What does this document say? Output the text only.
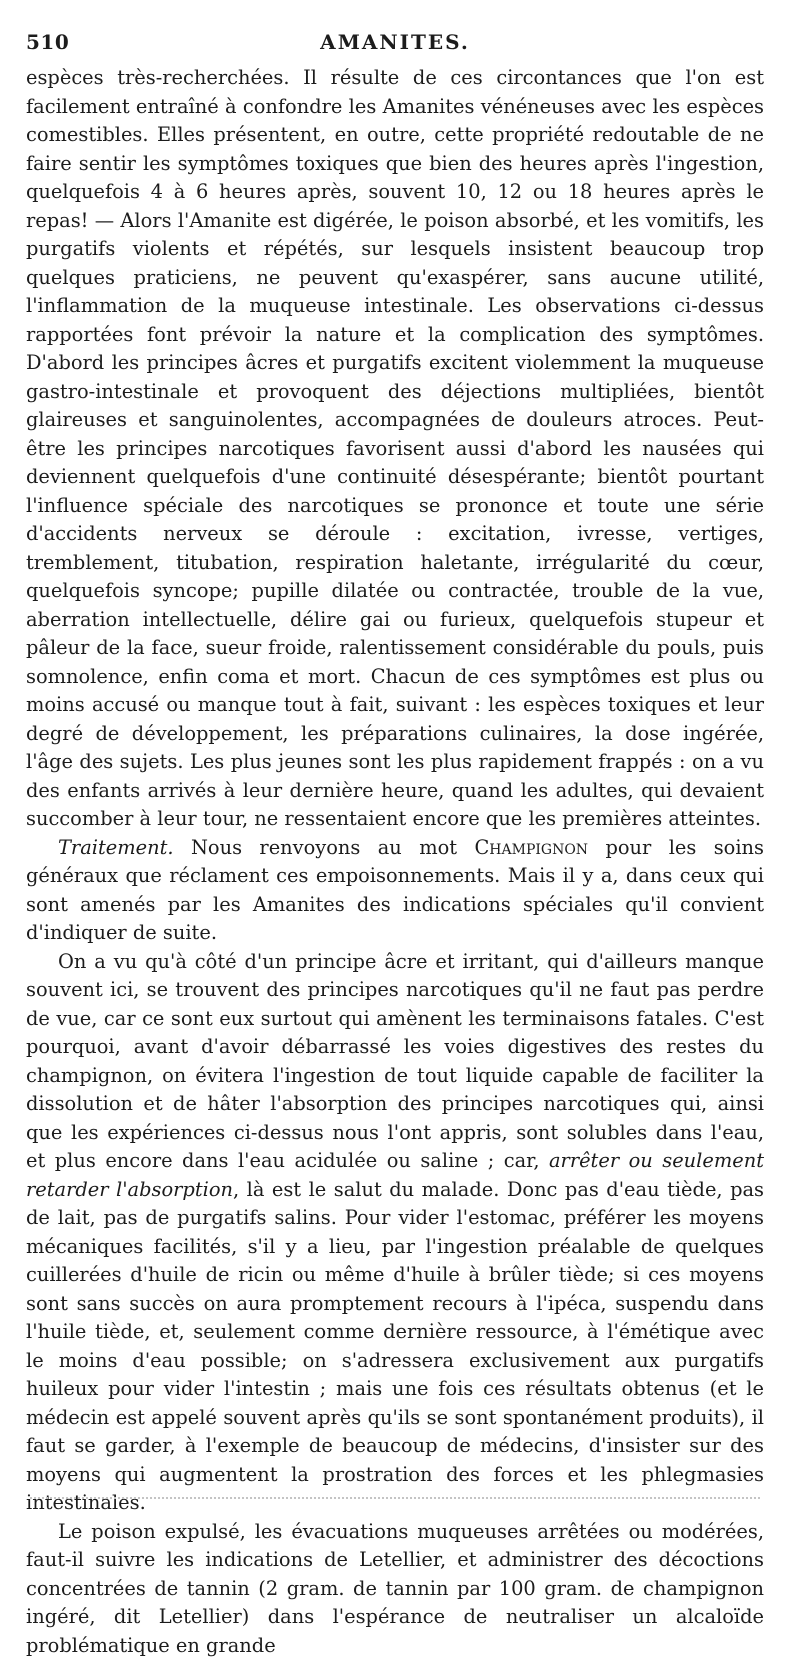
510	AMANITES.

espèces très-recherchées. Il résulte de ces circontances que l'on est facilement entraîné à confondre les Amanites vénéneuses avec les espèces comestibles. Elles présentent, en outre, cette propriété redoutable de ne faire sentir les symptômes toxiques que bien des heures après l'ingestion, quelquefois 4 à 6 heures après, souvent 10, 12 ou 18 heures après le repas! — Alors l'Amanite est digérée, le poison absorbé, et les vomitifs, les purgatifs violents et répétés, sur lesquels insistent beaucoup trop quelques praticiens, ne peuvent qu'exaspérer, sans aucune utilité, l'inflammation de la muqueuse intestinale. Les observations ci-dessus rapportées font prévoir la nature et la complication des symptômes. D'abord les principes âcres et purgatifs excitent violemment la muqueuse gastro-intestinale et provoquent des déjections multipliées, bientôt glaireuses et sanguinolentes, accompagnées de douleurs atroces. Peut-être les principes narcotiques favorisent aussi d'abord les nausées qui deviennent quelquefois d'une continuité désespérante; bientôt pourtant l'influence spéciale des narcotiques se prononce et toute une série d'accidents nerveux se déroule : excitation, ivresse, vertiges, tremblement, titubation, respiration haletante, irrégularité du cœur, quelquefois syncope; pupille dilatée ou contractée, trouble de la vue, aberration intellectuelle, délire gai ou furieux, quelquefois stupeur et pâleur de la face, sueur froide, ralentissement considérable du pouls, puis somnolence, enfin coma et mort. Chacun de ces symptômes est plus ou moins accusé ou manque tout à fait, suivant : les espèces toxiques et leur degré de développement, les préparations culinaires, la dose ingérée, l'âge des sujets. Les plus jeunes sont les plus rapidement frappés : on a vu des enfants arrivés à leur dernière heure, quand les adultes, qui devaient succomber à leur tour, ne ressentaient encore que les premières atteintes.

Traitement. Nous renvoyons au mot Champignon pour les soins généraux que réclament ces empoisonnements. Mais il y a, dans ceux qui sont amenés par les Amanites des indications spéciales qu'il convient d'indiquer de suite.

On a vu qu'à côté d'un principe âcre et irritant, qui d'ailleurs manque souvent ici, se trouvent des principes narcotiques qu'il ne faut pas perdre de vue, car ce sont eux surtout qui amènent les terminaisons fatales. C'est pourquoi, avant d'avoir débarrassé les voies digestives des restes du champignon, on évitera l'ingestion de tout liquide capable de faciliter la dissolution et de hâter l'absorption des principes narcotiques qui, ainsi que les expériences ci-dessus nous l'ont appris, sont solubles dans l'eau, et plus encore dans l'eau acidulée ou saline ; car, arrêter ou seulement retarder l'absorption, là est le salut du malade. Donc pas d'eau tiède, pas de lait, pas de purgatifs salins. Pour vider l'estomac, préférer les moyens mécaniques facilités, s'il y a lieu, par l'ingestion préalable de quelques cuillerées d'huile de ricin ou même d'huile à brûler tiède; si ces moyens sont sans succès on aura promptement recours à l'ipéca, suspendu dans l'huile tiède, et, seulement comme dernière ressource, à l'émétique avec le moins d'eau possible; on s'adressera exclusivement aux purgatifs huileux pour vider l'intestin ; mais une fois ces résultats obtenus (et le médecin est appelé souvent après qu'ils se sont spontanément produits), il faut se garder, à l'exemple de beaucoup de médecins, d'insister sur des moyens qui augmentent la prostration des forces et les phlegmasies intestinales.

Le poison expulsé, les évacuations muqueuses arrêtées ou modérées, faut-il suivre les indications de Letellier, et administrer des décoctions concentrées de tannin (2 gram. de tannin par 100 gram. de champignon ingéré, dit Letellier) dans l'espérance de neutraliser un alcaloïde problématique en grande
